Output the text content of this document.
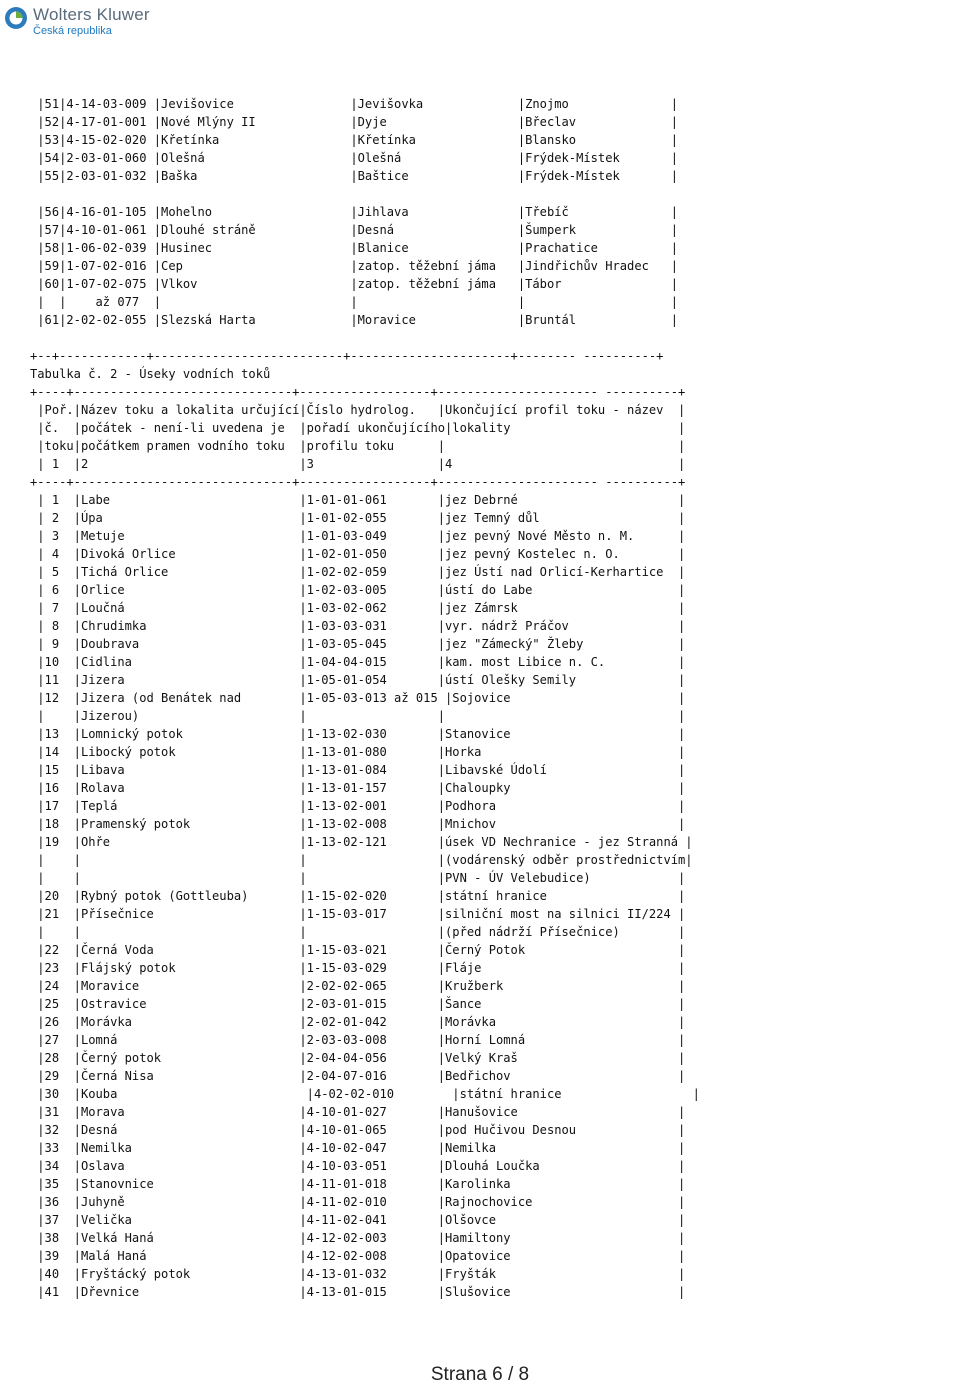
Wolters Kluwer
Česká republika
|51|4-14-03-009 |Jevišovice                |Jevišovka             |Znojmo              |
|52|4-17-01-001 |Nové Mlýny II             |Dyje                  |Břeclav             |
|53|4-15-02-020 |Křetínka                  |Křetínka              |Blansko             |
|54|2-03-01-060 |Olešná                    |Olešná                |Frýdek-Místek       |
|55|2-03-01-032 |Baška                     |Baštice               |Frýdek-Místek       |
|56|4-16-01-105 |Mohelno                   |Jihlava               |Třebíč              |
|57|4-10-01-061 |Dlouhé stráně             |Desná                 |Šumperk             |
|58|1-06-02-039 |Husinec                   |Blanice               |Prachatice          |
|59|1-07-02-016 |Cep                       |zatop. těžební jáma   |Jindřichův Hradec   |
|60|1-07-02-075 |Vlkov                     |zatop. těžební jáma   |Tábor               |
|  |    až 077  |                          |                      |                    |
|61|2-02-02-055 |Slezská Harta             |Moravice              |Bruntál             |
+--+------------+--------------------------+----------------------+-------- ----------+
Tabulka č. 2 - Úseky vodních toků
+----+------------------------------+------------------+---------------------- ----------+
|Poř.|Název toku a lokalita určující|Číslo hydrolog.   |Ukončující profil toku - název  |
|č.  |počátek - není-li uvedena je  |pořadí ukončujícího|lokality                       |
|toku|počátkem pramen vodního toku  |profilu toku      |                                |
| 1  |2                             |3                 |4                               |
+----+------------------------------+------------------+---------------------- ----------+
| 1  |Labe                          |1-01-01-061       |jez Debrné                      |
| 2  |Úpa                           |1-01-02-055       |jez Temný důl                   |
| 3  |Metuje                        |1-01-03-049       |jez pevný Nové Město n. M.      |
| 4  |Divoká Orlice                 |1-02-01-050       |jez pevný Kostelec n. O.        |
| 5  |Tichá Orlice                  |1-02-02-059       |jez Ústí nad Orlicí-Kerhartice  |
| 6  |Orlice                        |1-02-03-005       |ústí do Labe                    |
| 7  |Loučná                        |1-03-02-062       |jez Zámrsk                      |
| 8  |Chrudimka                     |1-03-03-031       |vyr. nádrž Práčov               |
| 9  |Doubrava                      |1-03-05-045       |jez "Zámecký" Žleby             |
|10  |Cidlina                       |1-04-04-015       |kam. most Libice n. C.          |
|11  |Jizera                        |1-05-01-054       |ústí Olešky Semily              |
|12  |Jizera (od Benátek nad        |1-05-03-013 až 015 |Sojovice                       |
|    |Jizerou)                      |                  |                                |
|13  |Lomnický potok                |1-13-02-030       |Stanovice                       |
|14  |Libocký potok                 |1-13-01-080       |Horka                           |
|15  |Libava                        |1-13-01-084       |Libavské Údolí                  |
|16  |Rolava                        |1-13-01-157       |Chaloupky                       |
|17  |Teplá                         |1-13-02-001       |Podhora                         |
|18  |Pramenský potok               |1-13-02-008       |Mnichov                         |
|19  |Ohře                          |1-13-02-121       |úsek VD Nechranice - jez Stranná |
|    |                              |                  |(vodárenský odběr prostřednictvím|
|    |                              |                  |PVN - ÚV Velebudice)            |
|20  |Rybný potok (Gottleuba)       |1-15-02-020       |státní hranice                  |
|21  |Přísečnice                    |1-15-03-017       |silniční most na silnici II/224 |
|    |                              |                  |(před nádrží Přísečnice)        |
|22  |Černá Voda                    |1-15-03-021       |Černý Potok                     |
|23  |Flájský potok                 |1-15-03-029       |Fláje                           |
|24  |Moravice                      |2-02-02-065       |Kružberk                        |
|25  |Ostravice                     |2-03-01-015       |Šance                           |
|26  |Morávka                       |2-02-01-042       |Morávka                         |
|27  |Lomná                         |2-03-03-008       |Horní Lomná                     |
|28  |Černý potok                   |2-04-04-056       |Velký Kraš                      |
|29  |Černá Nisa                    |2-04-07-016       |Bedřichov                       |
|30  |Kouba                          |4-02-02-010        |státní hranice                  |
|31  |Morava                        |4-10-01-027       |Hanušovice                      |
|32  |Desná                         |4-10-01-065       |pod Hučivou Desnou              |
|33  |Nemilka                       |4-10-02-047       |Nemilka                         |
|34  |Oslava                        |4-10-03-051       |Dlouhá Loučka                   |
|35  |Stanovnice                    |4-11-01-018       |Karolinka                       |
|36  |Juhyně                        |4-11-02-010       |Rajnochovice                    |
|37  |Velička                       |4-11-02-041       |Olšovce                         |
|38  |Velká Haná                    |4-12-02-003       |Hamiltony                       |
|39  |Malá Haná                     |4-12-02-008       |Opatovice                       |
|40  |Fryštácký potok               |4-13-01-032       |Fryšták                         |
|41  |Dřevnice                      |4-13-01-015       |Slušovice                       |
Strana 6 / 8
